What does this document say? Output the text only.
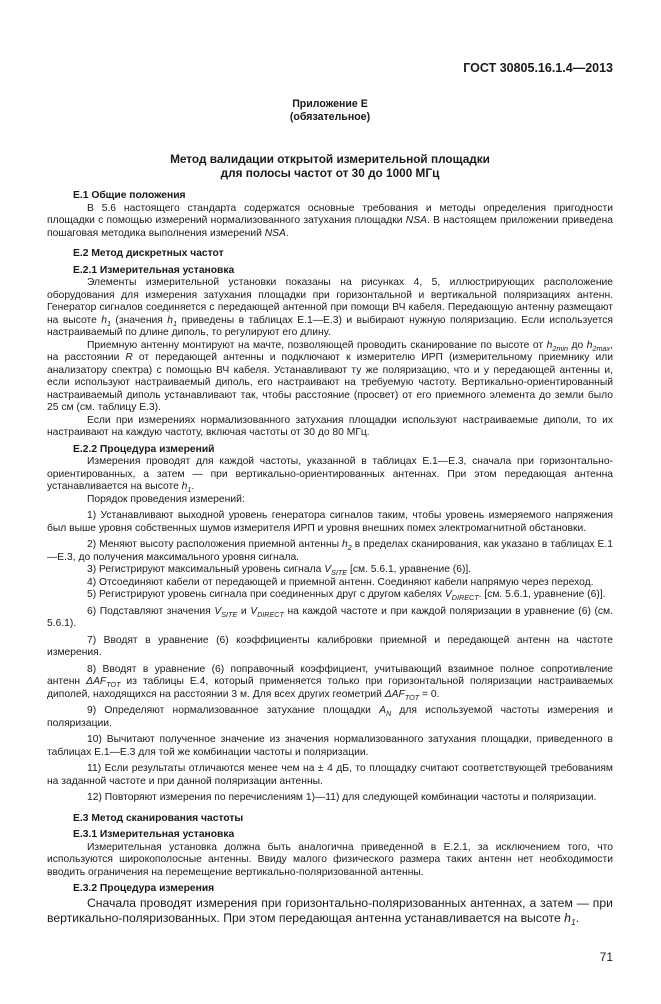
ГОСТ 30805.16.1.4—2013
Приложение Е
(обязательное)
Метод валидации открытой измерительной площадки
для полосы частот от 30 до 1000 МГц
Е.1 Общие положения
В 5.6 настоящего стандарта содержатся основные требования и методы определения пригодности площадки с помощью измерений нормализованного затухания площадки NSA. В настоящем приложении приведена пошаговая методика выполнения измерений NSA.
Е.2 Метод дискретных частот
Е.2.1 Измерительная установка
Элементы измерительной установки показаны на рисунках 4, 5, иллюстрирующих расположение оборудования для измерения затухания площадки при горизонтальной и вертикальной поляризациях антенн. Генератор сигналов соединяется с передающей антенной при помощи ВЧ кабеля. Передающую антенну размещают на высоте $h_1$ (значения $h_1$ приведены в таблицах Е.1—Е.3) и выбирают нужную поляризацию. Если используется настраиваемый по длине диполь, то регулируют его длину.
Приемную антенну монтируют на мачте, позволяющей проводить сканирование по высоте от $h_{2min}$ до $h_{2max}$, на расстоянии R от передающей антенны и подключают к измерителю ИРП (измерительному приемнику или анализатору спектра) с помощью ВЧ кабеля. Устанавливают ту же поляризацию, что и у передающей антенны и, если используют настраиваемый диполь, его настраивают на требуемую частоту. Вертикально-ориентированный настраиваемый диполь устанавливают так, чтобы расстояние (просвет) от его приемного элемента до земли было 25 см (см. таблицу Е.3).
Если при измерениях нормализованного затухания площадки используют настраиваемые диполи, то их настраивают на каждую частоту, включая частоты от 30 до 80 МГц.
Е.2.2 Процедура измерений
Измерения проводят для каждой частоты, указанной в таблицах Е.1—Е.3, сначала при горизонтально-ориентированных, а затем — при вертикально-ориентированных антеннах. При этом передающая антенна устанавливается на высоте $h_1$.
Порядок проведения измерений:
1) Устанавливают выходной уровень генератора сигналов таким, чтобы уровень измеряемого напряжения был выше уровня собственных шумов измерителя ИРП и уровня внешних помех электромагнитной обстановки.
2) Меняют высоту расположения приемной антенны $h_2$ в пределах сканирования, как указано в таблицах Е.1—Е.3, до получения максимального уровня сигнала.
3) Регистрируют максимальный уровень сигнала $V_{SITE}$ [см. 5.6.1, уравнение (6)].
4) Отсоединяют кабели от передающей и приемной антенн. Соединяют кабели напрямую через переход.
5) Регистрируют уровень сигнала при соединенных друг с другом кабелях $V_{DIRECT}$. [см. 5.6.1, уравнение (6)].
6) Подставляют значения $V_{SITE}$ и $V_{DIRECT}$ на каждой частоте и при каждой поляризации в уравнение (6) (см. 5.6.1).
7) Вводят в уравнение (6) коэффициенты калибровки приемной и передающей антенн на частоте измерения.
8) Вводят в уравнение (6) поправочный коэффициент, учитывающий взаимное полное сопротивление антенн $\Delta AF_{TOT}$ из таблицы Е.4, который применяется только при горизонтальной поляризации настраиваемых диполей, находящихся на расстоянии 3 м. Для всех других геометрий $\Delta AF_{TOT} = 0$.
9) Определяют нормализованное затухание площадки $A_N$ для используемой частоты измерения и поляризации.
10) Вычитают полученное значение из значения нормализованного затухания площадки, приведенного в таблицах Е.1—Е.3 для той же комбинации частоты и поляризации.
11) Если результаты отличаются менее чем на ± 4 дБ, то площадку считают соответствующей требованиям на заданной частоте и при данной поляризации антенны.
12) Повторяют измерения по перечислениям 1)—11) для следующей комбинации частоты и поляризации.
Е.3 Метод сканирования частоты
Е.3.1 Измерительная установка
Измерительная установка должна быть аналогична приведенной в Е.2.1, за исключением того, что используются широкополосные антенны. Ввиду малого физического размера таких антенн нет необходимости вводить ограничения на перемещение вертикально-поляризованной антенны.
Е.3.2 Процедура измерения
Сначала проводят измерения при горизонтально-поляризованных антеннах, а затем — при вертикально-поляризованных. При этом передающая антенна устанавливается на высоте $h_1$.
71
